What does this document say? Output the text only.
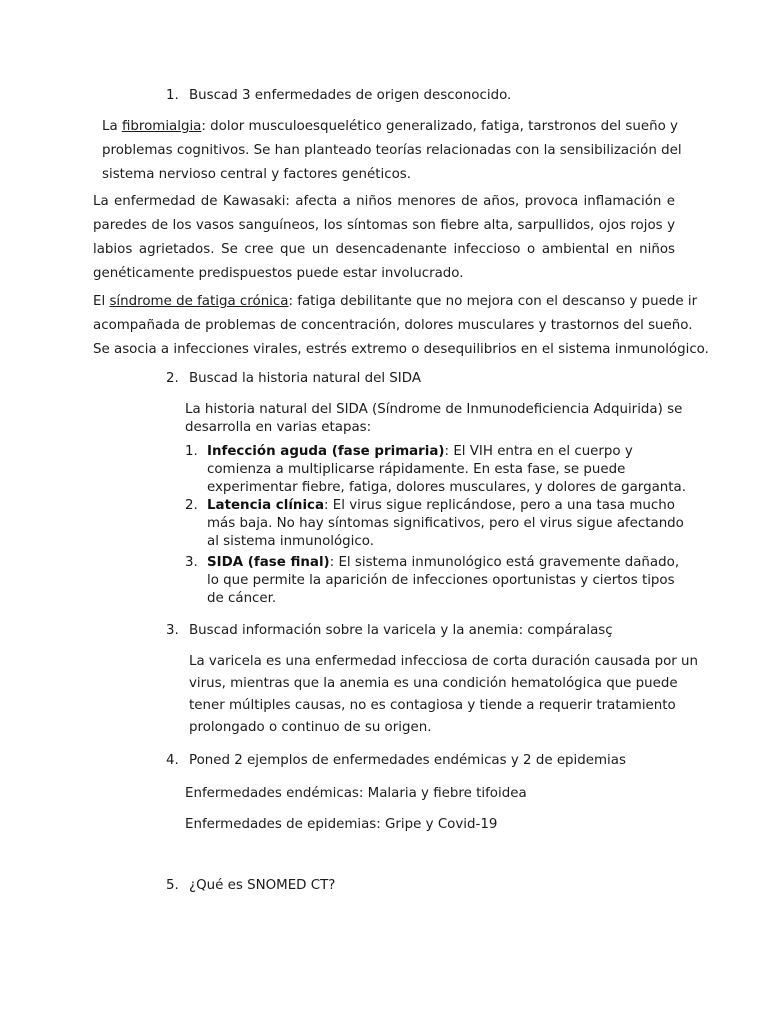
1. Buscad 3 enfermedades de origen desconocido.
La fibromialgia: dolor musculoesquelético generalizado, fatiga, tarstronos del sueño y
problemas cognitivos. Se han planteado teorías relacionadas con la sensibilización del
sistema nervioso central y factores genéticos.
La enfermedad de Kawasaki: afecta a niños menores de años, provoca inflamación e
paredes de los vasos sanguíneos, los síntomas son fiebre alta, sarpullidos, ojos rojos y
labios agrietados. Se cree que un desencadenante infeccioso o ambiental en niños
genéticamente predispuestos puede estar involucrado.
El síndrome de fatiga crónica: fatiga debilitante que no mejora con el descanso y puede ir
acompañada de problemas de concentración, dolores musculares y trastornos del sueño.
Se asocia a infecciones virales, estrés extremo o desequilibrios en el sistema inmunológico.
2. Buscad la historia natural del SIDA
La historia natural del SIDA (Síndrome de Inmunodeficiencia Adquirida) se
desarrolla en varias etapas:
1. Infección aguda (fase primaria): El VIH entra en el cuerpo y
comienza a multiplicarse rápidamente. En esta fase, se puede
experimentar fiebre, fatiga, dolores musculares, y dolores de garganta.
2. Latencia clínica: El virus sigue replicándose, pero a una tasa mucho
más baja. No hay síntomas significativos, pero el virus sigue afectando
al sistema inmunológico.
3. SIDA (fase final): El sistema inmunológico está gravemente dañado,
lo que permite la aparición de infecciones oportunistas y ciertos tipos
de cáncer.
3. Buscad información sobre la varicela y la anemia: compáralasç
La varicela es una enfermedad infecciosa de corta duración causada por un
virus, mientras que la anemia es una condición hematológica que puede
tener múltiples causas, no es contagiosa y tiende a requerir tratamiento
prolongado o continuo de su origen.
4. Poned 2 ejemplos de enfermedades endémicas y 2 de epidemias
Enfermedades endémicas: Malaria y fiebre tifoidea
Enfermedades de epidemias: Gripe y Covid-19
5. ¿Qué es SNOMED CT?
